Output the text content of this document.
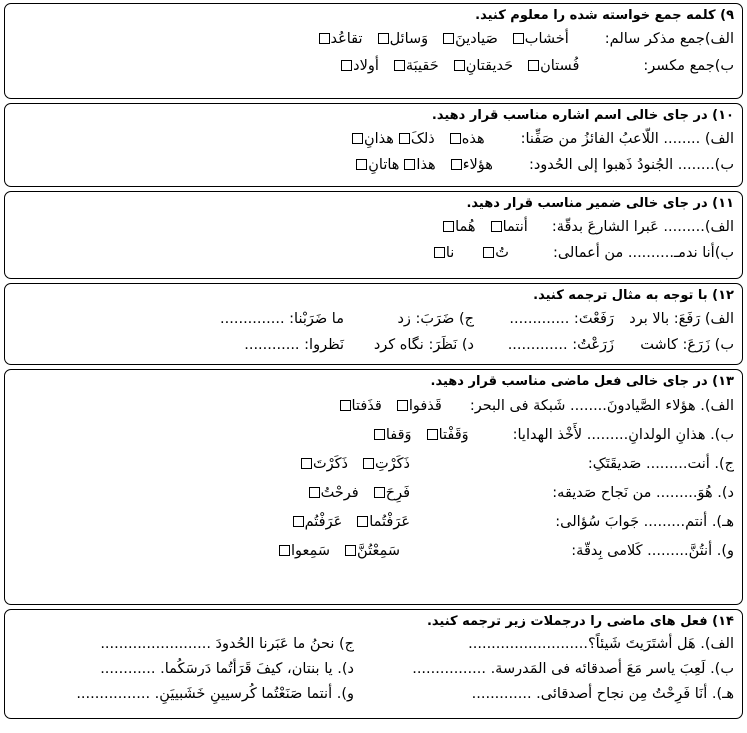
۹) کلمه جمع خواسته شده را معلوم کنید.
الف)جمع مذکر سالم:
أخشاب
صَیادینَ
وَسائل
تقاعُد
ب)جمع مکسر:
فُستان
حَدیقتانِ
حَقیبَة
أولاد
۱۰) در جای خالی اسم اشاره مناسب قرار دهید.
الف) ........ اللّاعبُ الفائزُ من صَفِّنا:
هذه
ذلکَ
هذانِ
ب)........ الجُنودُ ذَهبوا إلی الحُدود:
هؤلاء
هذا
هاتانِ
۱۱) در جای خالی ضمیر مناسب قرار دهید.
الف)......... عَبرا الشارعَ بدقّة:
أنتما
هُما
ب)أنا ندمـ.......... من أعمالی:
تُ
نا
۱۲) با توجه به مثال ترجمه کنید.
الف) رَفَعَ: بالا برد
رَفَعْتَ: .............
ج) ضَرَبَ: زد
ما ضَرَبْنا: ..............
ب) زَرَعَ: کاشت
زَرَعْتُ: .............
د) نَظَرَ: نگاه کرد
نَظروا: ............
۱۳) در جای خالی فعل ماضی مناسب قرار دهید.
الف). هؤلاء الصَّیادونَ........ شَبکة فی البحر:
قَذفوا
قذَفتا
ب). هذانِ الولدانِ......... لأَخْذ الهدایا:
وَقَفْتا
وَقفا
ج). أنت......... صَدیقَتَکِ:
ذَکَرْتِ
ذَکَرْتَ
د). هُوَ......... من نَجاح صَدیقه:
فَرِحَ
فرحْتُ
هـ). أنتم......... جَوابَ سُؤالی:
عَرَفْتُما
عَرَفْتُم
و). أنتُنَّ......... کَلامی بِدقّة:
سَمِعْتُنَّ
سَمِعوا
۱۴) فعل های ماضی را درجملات زیر ترجمه کنید.
الف). هَل أشتَرَیتَ شَیئاً؟..........................
ج) نحنُ ما عَبَرنا الحُدودَ ........................
ب). لَعِبَ یاسر مَعَ أصدقائه فی المَدرسة. ................
د). یا بنتان، کیفَ قَرَأتُما دَرسَکُما. ............
هـ). أنَا فَرِحْتُ مِن نجاح أصدقائی. .............
و). أنتما صَنَعْتُما کُرسیینِ خَشَبییَنِ. ................
